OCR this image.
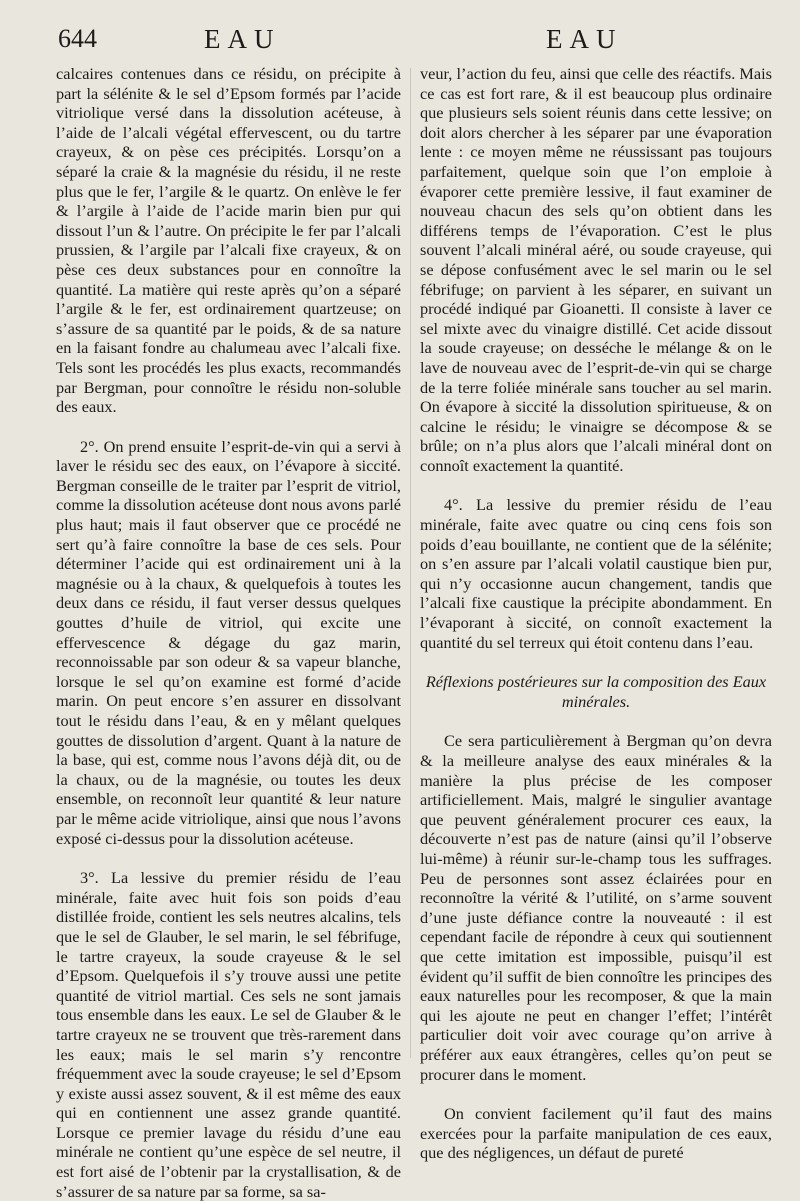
644	EAU	EAU

calcaires contenues dans ce résidu, on précipite à part la sélénite & le sel d’Epsom formés par l’acide vitriolique versé dans la dissolution acéteuse, à l’aide de l’alcali végétal effervescent, ou du tartre crayeux, & on pèse ces précipités. Lorsqu’on a séparé la craie & la magnésie du résidu, il ne reste plus que le fer, l’argile & le quartz. On enlève le fer & l’argile à l’aide de l’acide marin bien pur qui dissout l’un & l’autre. On précipite le fer par l’alcali prussien, & l’argile par l’alcali fixe crayeux, & on pèse ces deux substances pour en connoître la quantité. La matière qui reste après qu’on a séparé l’argile & le fer, est ordinairement quartzeuse; on s’assure de sa quantité par le poids, & de sa nature en la faisant fondre au chalumeau avec l’alcali fixe. Tels sont les procédés les plus exacts, recommandés par Bergman, pour connoître le résidu non-soluble des eaux.

2°. On prend ensuite l’esprit-de-vin qui a servi à laver le résidu sec des eaux, on l’évapore à siccité. Bergman conseille de le traiter par l’esprit de vitriol, comme la dissolution acéteuse dont nous avons parlé plus haut; mais il faut observer que ce procédé ne sert qu’à faire connoître la base de ces sels. Pour déterminer l’acide qui est ordinairement uni à la magnésie ou à la chaux, & quelquefois à toutes les deux dans ce résidu, il faut verser dessus quelques gouttes d’huile de vitriol, qui excite une effervescence & dégage du gaz marin, reconnoissable par son odeur & sa vapeur blanche, lorsque le sel qu’on examine est formé d’acide marin. On peut encore s’en assurer en dissolvant tout le résidu dans l’eau, & en y mêlant quelques gouttes de dissolution d’argent. Quant à la nature de la base, qui est, comme nous l’avons déjà dit, ou de la chaux, ou de la magnésie, ou toutes les deux ensemble, on reconnoît leur quantité & leur nature par le même acide vitriolique, ainsi que nous l’avons exposé ci-dessus pour la dissolution acéteuse.

3°. La lessive du premier résidu de l’eau minérale, faite avec huit fois son poids d’eau distillée froide, contient les sels neutres alcalins, tels que le sel de Glauber, le sel marin, le sel fébrifuge, le tartre crayeux, la soude crayeuse & le sel d’Epsom. Quelquefois il s’y trouve aussi une petite quantité de vitriol martial. Ces sels ne sont jamais tous ensemble dans les eaux. Le sel de Glauber & le tartre crayeux ne se trouvent que très-rarement dans les eaux; mais le sel marin s’y rencontre fréquemment avec la soude crayeuse; le sel d’Epsom y existe aussi assez souvent, & il est même des eaux qui en contiennent une assez grande quantité. Lorsque ce premier lavage du résidu d’une eau minérale ne contient qu’une espèce de sel neutre, il est fort aisé de l’obtenir par la crystallisation, & de s’assurer de sa nature par sa forme, sa sa-

veur, l’action du feu, ainsi que celle des réactifs. Mais ce cas est fort rare, & il est beaucoup plus ordinaire que plusieurs sels soient réunis dans cette lessive; on doit alors chercher à les séparer par une évaporation lente : ce moyen même ne réussissant pas toujours parfaitement, quelque soin que l’on emploie à évaporer cette première lessive, il faut examiner de nouveau chacun des sels qu’on obtient dans les différens temps de l’évaporation. C’est le plus souvent l’alcali minéral aéré, ou soude crayeuse, qui se dépose confusément avec le sel marin ou le sel fébrifuge; on parvient à les séparer, en suivant un procédé indiqué par Gioanetti. Il consiste à laver ce sel mixte avec du vinaigre distillé. Cet acide dissout la soude crayeuse; on desséche le mélange & on le lave de nouveau avec de l’esprit-de-vin qui se charge de la terre foliée minérale sans toucher au sel marin. On évapore à siccité la dissolution spiritueuse, & on calcine le résidu; le vinaigre se décompose & se brûle; on n’a plus alors que l’alcali minéral dont on connoît exactement la quantité.

4°. La lessive du premier résidu de l’eau minérale, faite avec quatre ou cinq cens fois son poids d’eau bouillante, ne contient que de la sélénite; on s’en assure par l’alcali volatil caustique bien pur, qui n’y occasionne aucun changement, tandis que l’alcali fixe caustique la précipite abondamment. En l’évaporant à siccité, on connoît exactement la quantité du sel terreux qui étoit contenu dans l’eau.

Réflexions postérieures sur la composition des Eaux minérales.

Ce sera particulièrement à Bergman qu’on devra & la meilleure analyse des eaux minérales & la manière la plus précise de les composer artificiellement. Mais, malgré le singulier avantage que peuvent généralement procurer ces eaux, la découverte n’est pas de nature (ainsi qu’il l’observe lui-même) à réunir sur-le-champ tous les suffrages. Peu de personnes sont assez éclairées pour en reconnoître la vérité & l’utilité, on s’arme souvent d’une juste défiance contre la nouveauté : il est cependant facile de répondre à ceux qui soutiennent que cette imitation est impossible, puisqu’il est évident qu’il suffit de bien connoître les principes des eaux naturelles pour les recomposer, & que la main qui les ajoute ne peut en changer l’effet; l’intérêt particulier doit voir avec courage qu’on arrive à préférer aux eaux étrangères, celles qu’on peut se procurer dans le moment.

On convient facilement qu’il faut des mains exercées pour la parfaite manipulation de ces eaux, que des négligences, un défaut de pureté
